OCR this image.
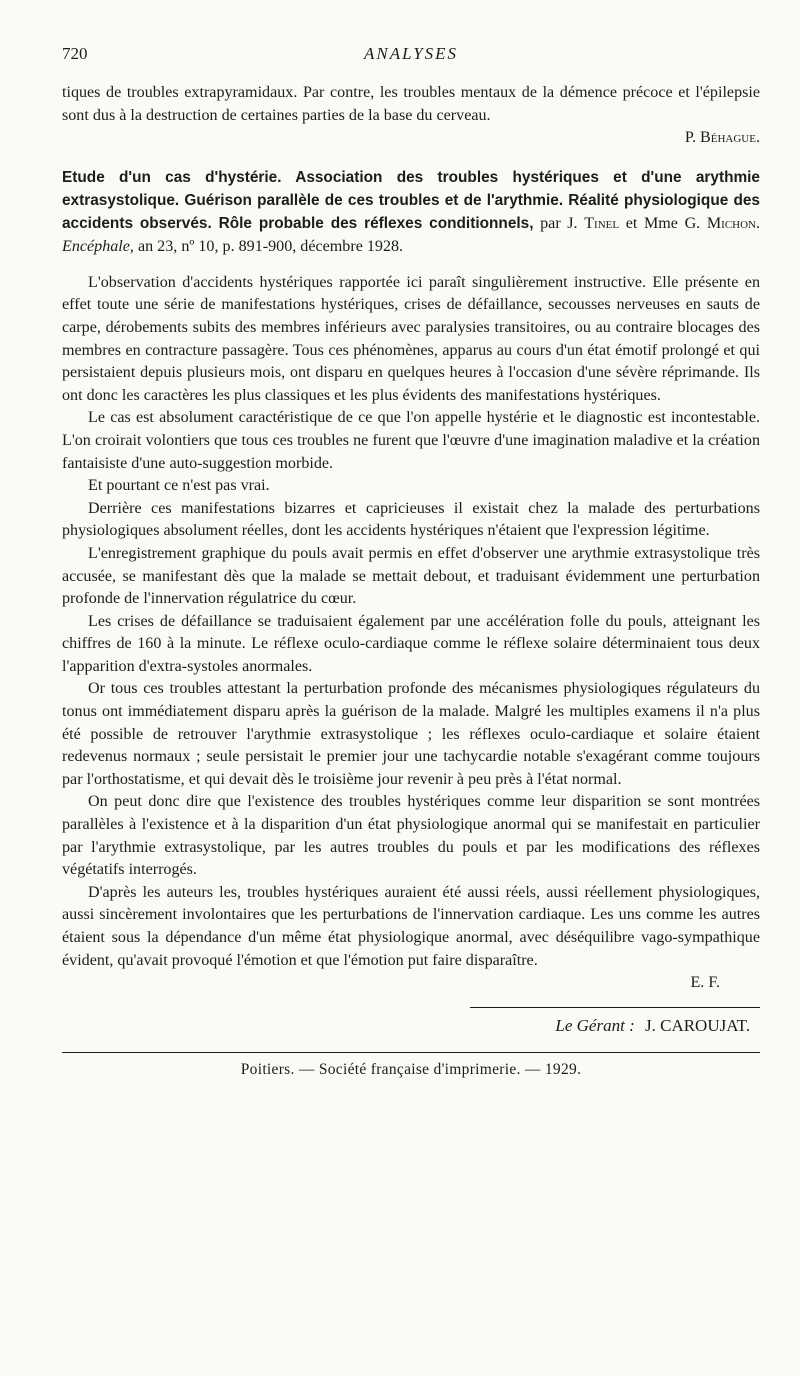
720	ANALYSES

tiques de troubles extrapyramidaux. Par contre, les troubles mentaux de la démence précoce et l'épilepsie sont dus à la destruction de certaines parties de la base du cerveau.

P. Béhague.
Etude d'un cas d'hystérie. Association des troubles hystériques et d'une arythmie extrasystolique. Guérison parallèle de ces troubles et de l'arythmie. Réalité physiologique des accidents observés. Rôle probable des réflexes conditionnels, par J. Tinel et Mme G. Michon. Encéphale, an 23, nº 10, p. 891-900, décembre 1928.

L'observation d'accidents hystériques rapportée ici paraît singulièrement instructive. Elle présente en effet toute une série de manifestations hystériques, crises de défaillance, secousses nerveuses en sauts de carpe, dérobements subits des membres inférieurs avec paralysies transitoires, ou au contraire blocages des membres en contracture passagère. Tous ces phénomènes, apparus au cours d'un état émotif prolongé et qui persistaient depuis plusieurs mois, ont disparu en quelques heures à l'occasion d'une sévère réprimande. Ils ont donc les caractères les plus classiques et les plus évidents des manifestations hystériques.

Le cas est absolument caractéristique de ce que l'on appelle hystérie et le diagnostic est incontestable. L'on croirait volontiers que tous ces troubles ne furent que l'œuvre d'une imagination maladive et la création fantaisiste d'une auto-suggestion morbide.

Et pourtant ce n'est pas vrai.

Derrière ces manifestations bizarres et capricieuses il existait chez la malade des perturbations physiologiques absolument réelles, dont les accidents hystériques n'étaient que l'expression légitime.

L'enregistrement graphique du pouls avait permis en effet d'observer une arythmie extrasystolique très accusée, se manifestant dès que la malade se mettait debout, et traduisant évidemment une perturbation profonde de l'innervation régulatrice du cœur.

Les crises de défaillance se traduisaient également par une accélération folle du pouls, atteignant les chiffres de 160 à la minute. Le réflexe oculo-cardiaque comme le réflexe solaire déterminaient tous deux l'apparition d'extra-systoles anormales.

Or tous ces troubles attestant la perturbation profonde des mécanismes physiologiques régulateurs du tonus ont immédiatement disparu après la guérison de la malade. Malgré les multiples examens il n'a plus été possible de retrouver l'arythmie extrasystolique ; les réflexes oculo-cardiaque et solaire étaient redevenus normaux ; seule persistait le premier jour une tachycardie notable s'exagérant comme toujours par l'orthostatisme, et qui devait dès le troisième jour revenir à peu près à l'état normal.

On peut donc dire que l'existence des troubles hystériques comme leur disparition se sont montrées parallèles à l'existence et à la disparition d'un état physiologique anormal qui se manifestait en particulier par l'arythmie extrasystolique, par les autres troubles du pouls et par les modifications des réflexes végétatifs interrogés.

D'après les auteurs les, troubles hystériques auraient été aussi réels, aussi réellement physiologiques, aussi sincèrement involontaires que les perturbations de l'innervation cardiaque. Les uns comme les autres étaient sous la dépendance d'un même état physiologique anormal, avec déséquilibre vago-sympathique évident, qu'avait provoqué l'émotion et que l'émotion put faire disparaître.

E. F.
Le Gérant : J. CAROUJAT.
Poitiers. — Société française d'imprimerie. — 1929.
